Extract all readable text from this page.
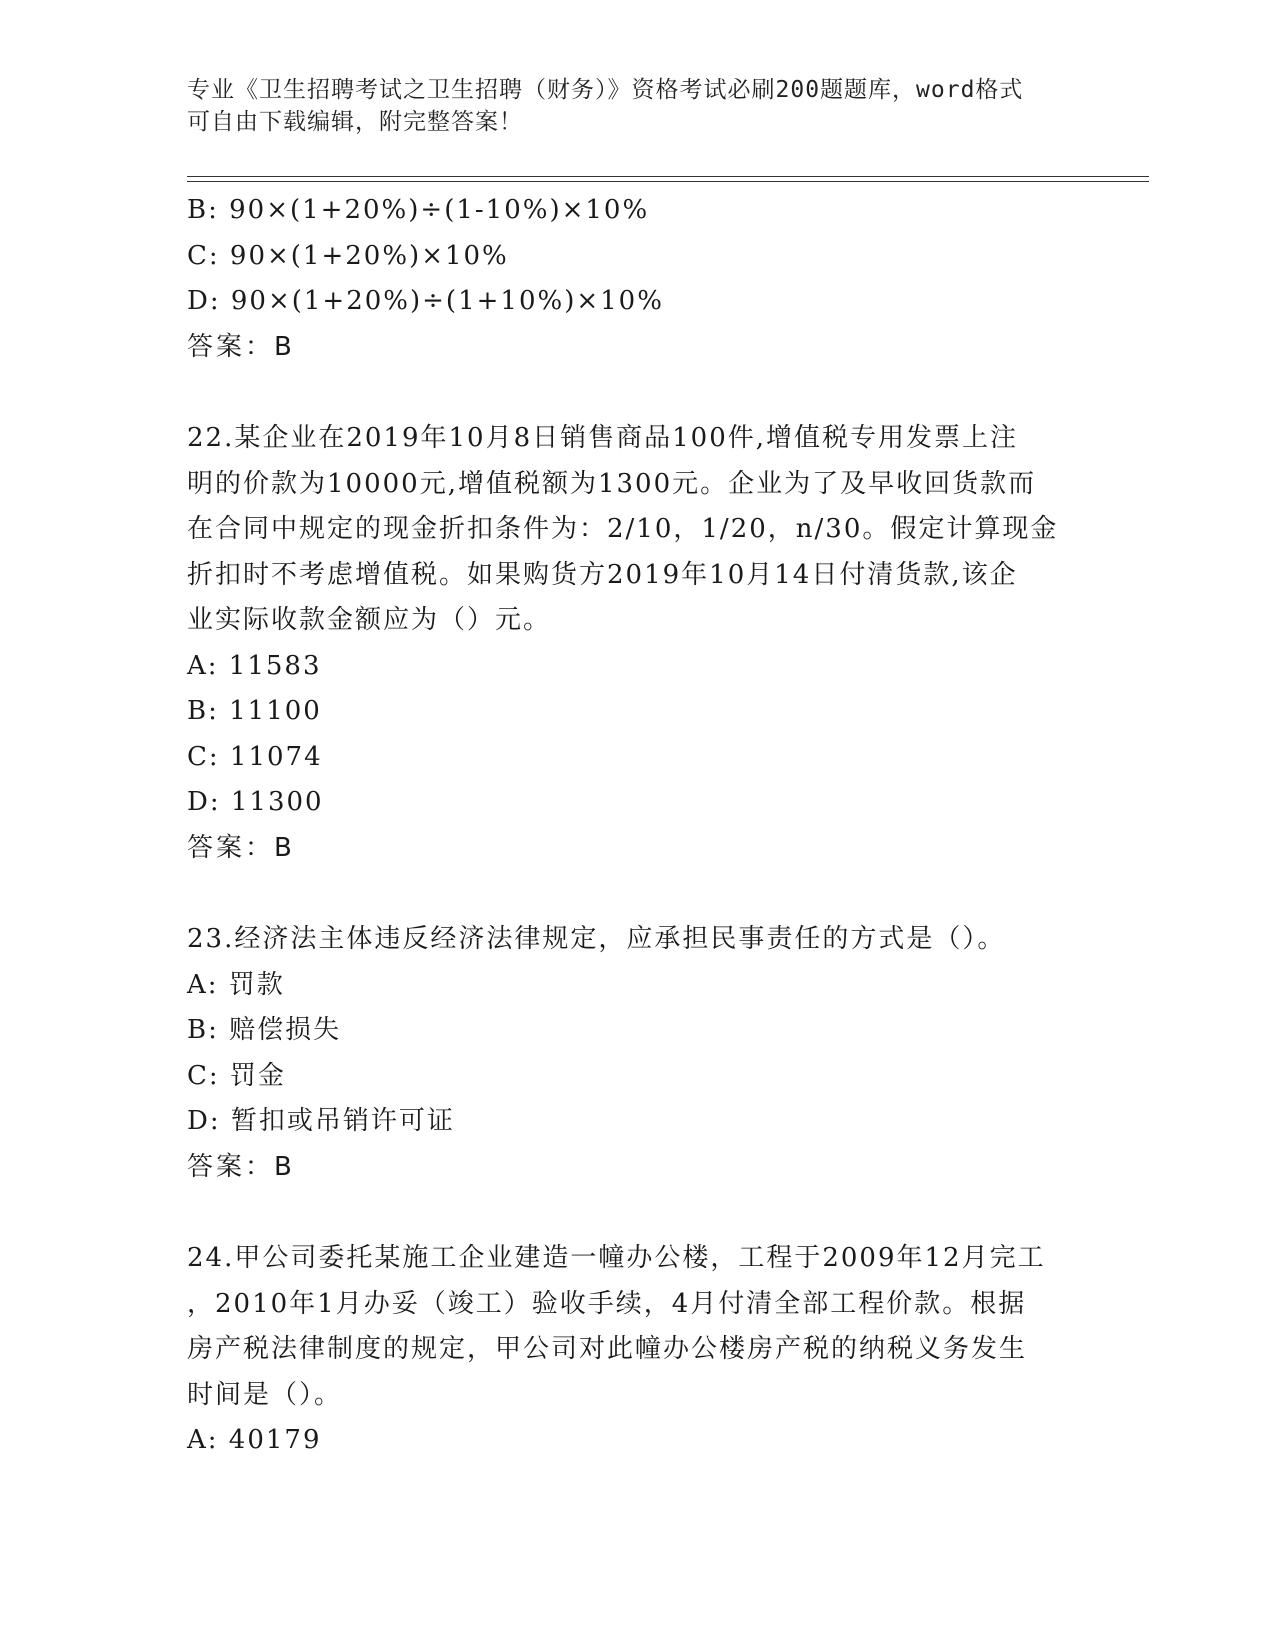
专业《卫生招聘考试之卫生招聘（财务）》资格考试必刷200题题库，word格式
可自由下载编辑，附完整答案！
B: 90×(1+20%)÷(1-10%)×10%
C: 90×(1+20%)×10%
D: 90×(1+20%)÷(1+10%)×10%
答案：B
22.某企业在2019年10月8日销售商品100件,增值税专用发票上注
明的价款为10000元,增值税额为1300元。企业为了及早收回货款而
在合同中规定的现金折扣条件为：2/10，1/20，n/30。假定计算现金
折扣时不考虑增值税。如果购货方2019年10月14日付清货款,该企
业实际收款金额应为（）元。
A: 11583
B: 11100
C: 11074
D: 11300
答案：B
23.经济法主体违反经济法律规定，应承担民事责任的方式是（）。
A: 罚款
B: 赔偿损失
C: 罚金
D: 暂扣或吊销许可证
答案：B
24.甲公司委托某施工企业建造一幢办公楼，工程于2009年12月完工
，2010年1月办妥（竣工）验收手续，4月付清全部工程价款。根据
房产税法律制度的规定，甲公司对此幢办公楼房产税的纳税义务发生
时间是（）。
A: 40179
